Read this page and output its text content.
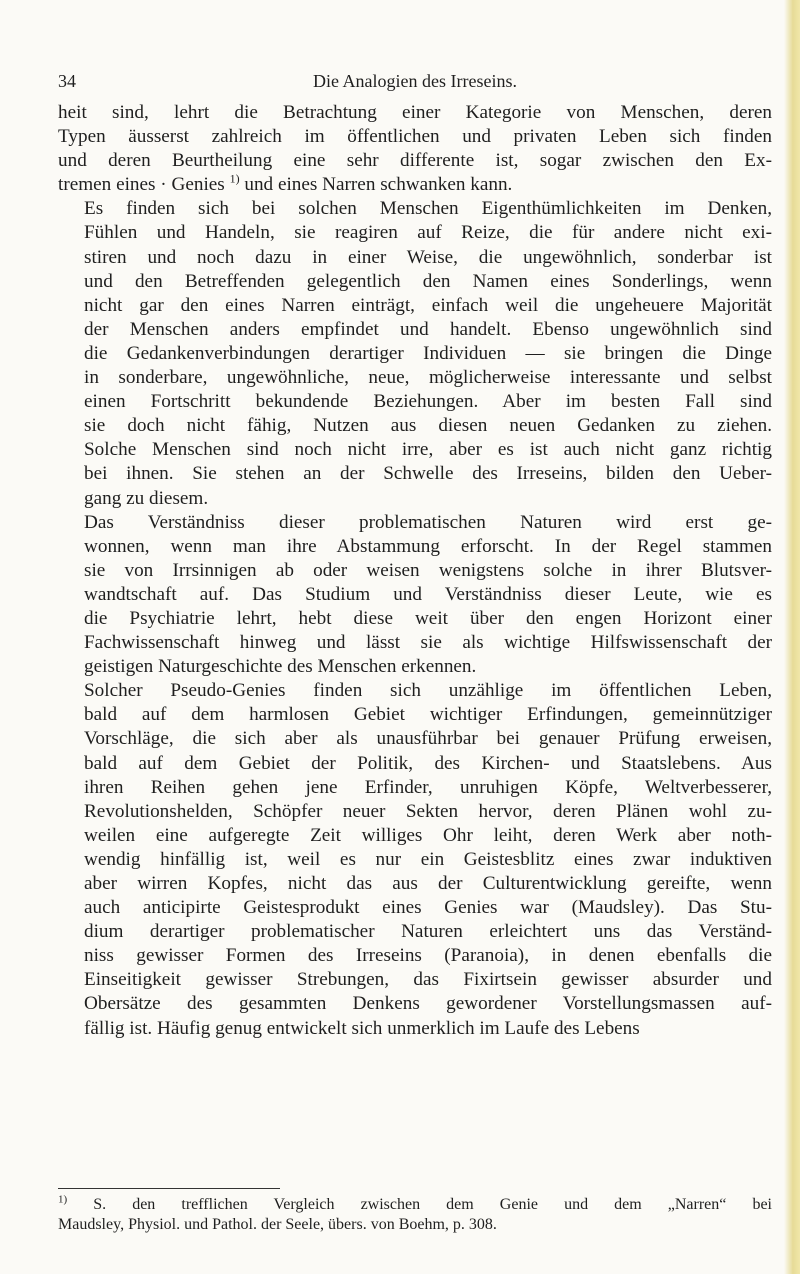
34	Die Analogien des Irreseins.

heit sind, lehrt die Betrachtung einer Kategorie von Menschen, deren
Typen äusserst zahlreich im öffentlichen und privaten Leben sich finden
und deren Beurtheilung eine sehr differente ist, sogar zwischen den Ex-
tremen eines · Genies $^{1)}$ und eines Narren schwanken kann.

Es finden sich bei solchen Menschen Eigenthümlichkeiten im Denken,
Fühlen und Handeln, sie reagiren auf Reize, die für andere nicht exi-
stiren und noch dazu in einer Weise, die ungewöhnlich, sonderbar ist
und den Betreffenden gelegentlich den Namen eines Sonderlings, wenn
nicht gar den eines Narren einträgt, einfach weil die ungeheuere Majorität
der Menschen anders empfindet und handelt. Ebenso ungewöhnlich sind
die Gedankenverbindungen derartiger Individuen — sie bringen die Dinge
in sonderbare, ungewöhnliche, neue, möglicherweise interessante und selbst
einen Fortschritt bekundende Beziehungen. Aber im besten Fall sind
sie doch nicht fähig, Nutzen aus diesen neuen Gedanken zu ziehen.
Solche Menschen sind noch nicht irre, aber es ist auch nicht ganz richtig
bei ihnen. Sie stehen an der Schwelle des Irreseins, bilden den Ueber-
gang zu diesem.

Das Verständniss dieser problematischen Naturen wird erst ge-
wonnen, wenn man ihre Abstammung erforscht. In der Regel stammen
sie von Irrsinnigen ab oder weisen wenigstens solche in ihrer Blutsver-
wandtschaft auf. Das Studium und Verständniss dieser Leute, wie es
die Psychiatrie lehrt, hebt diese weit über den engen Horizont einer
Fachwissenschaft hinweg und lässt sie als wichtige Hilfswissenschaft der
geistigen Naturgeschichte des Menschen erkennen.

Solcher Pseudo-Genies finden sich unzählige im öffentlichen Leben,
bald auf dem harmlosen Gebiet wichtiger Erfindungen, gemeinnütziger
Vorschläge, die sich aber als unausführbar bei genauer Prüfung erweisen,
bald auf dem Gebiet der Politik, des Kirchen- und Staatslebens. Aus
ihren Reihen gehen jene Erfinder, unruhigen Köpfe, Weltverbesserer,
Revolutionshelden, Schöpfer neuer Sekten hervor, deren Plänen wohl zu-
weilen eine aufgeregte Zeit williges Ohr leiht, deren Werk aber noth-
wendig hinfällig ist, weil es nur ein Geistesblitz eines zwar induktiven
aber wirren Kopfes, nicht das aus der Culturentwicklung gereifte, wenn
auch anticipirte Geistesprodukt eines Genies war (Maudsley). Das Stu-
dium derartiger problematischer Naturen erleichtert uns das Verständ-
niss gewisser Formen des Irreseins (Paranoia), in denen ebenfalls die
Einseitigkeit gewisser Strebungen, das Fixirtsein gewisser absurder und
Obersätze des gesammten Denkens gewordener Vorstellungsmassen auf-
fällig ist. Häufig genug entwickelt sich unmerklich im Laufe des Lebens

$^{1)}$ S. den trefflichen Vergleich zwischen dem Genie und dem „Narren“ bei
Maudsley, Physiol. und Pathol. der Seele, übers. von Boehm, p. 308.
